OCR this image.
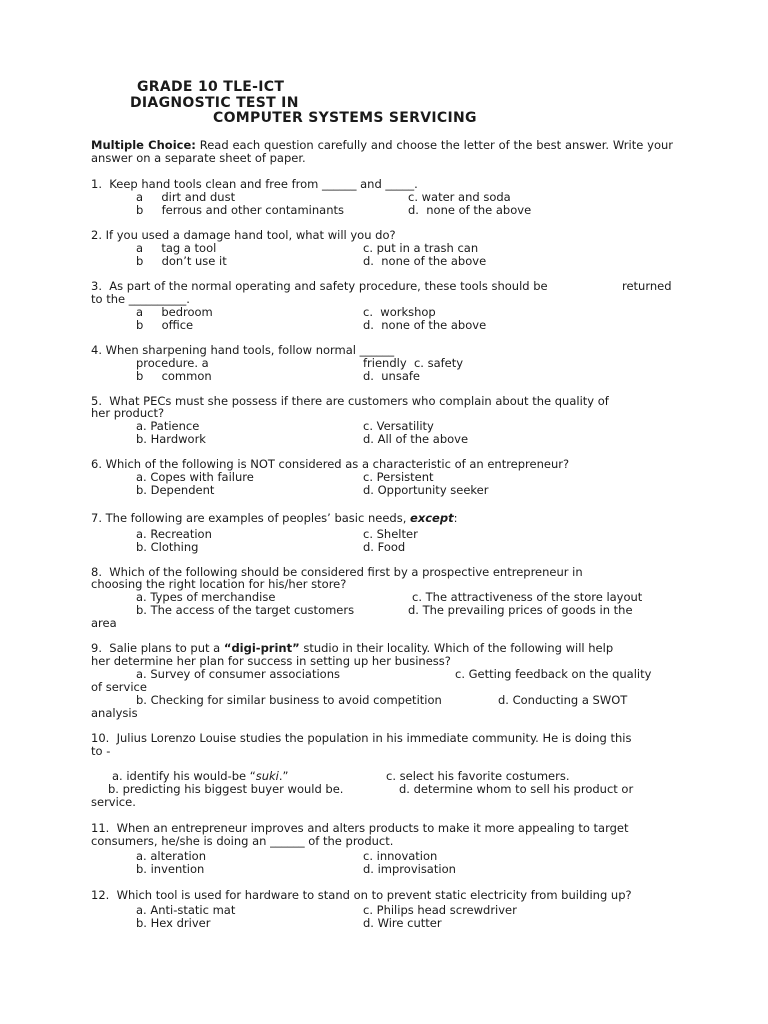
GRADE 10 TLE-ICT
DIAGNOSTIC TEST IN
COMPUTER SYSTEMS SERVICING
Multiple Choice: Read each question carefully and choose the letter of the best answer. Write your answer on a separate sheet of paper.
1.  Keep hand tools clean and free from ______ and _____.
a     dirt and dust	c. water and soda
b     ferrous and other contaminants	d.  none of the above
2. If you used a damage hand tool, what will you do?
a     tag a tool	c. put in a trash can
b     don’t use it	d.  none of the above
3.  As part of the normal operating and safety procedure, these tools should be	returned
to the __________.
a     bedroom	c.  workshop
b     office	d.  none of the above
4. When sharpening hand tools, follow normal ______
procedure. a	friendly  c. safety
b     common	d.  unsafe
5.  What PECs must she possess if there are customers who complain about the quality of
her product?
a. Patience	c. Versatility
b. Hardwork	d. All of the above
6. Which of the following is NOT considered as a characteristic of an entrepreneur?
a. Copes with failure	c. Persistent
b. Dependent	d. Opportunity seeker
7. The following are examples of peoples’ basic needs, except:
a. Recreation	c. Shelter
b. Clothing	d. Food
8.  Which of the following should be considered first by a prospective entrepreneur in
choosing the right location for his/her store?
a. Types of merchandise	c. The attractiveness of the store layout
b. The access of the target customers	d. The prevailing prices of goods in the
area
9.  Salie plans to put a “digi-print” studio in their locality. Which of the following will help
her determine her plan for success in setting up her business?
a. Survey of consumer associations	c. Getting feedback on the quality
of service
b. Checking for similar business to avoid competition	d. Conducting a SWOT
analysis
10.  Julius Lorenzo Louise studies the population in his immediate community. He is doing this
to -
a. identify his would-be “suki.”	c. select his favorite costumers.
b. predicting his biggest buyer would be.	d. determine whom to sell his product or
service.
11.  When an entrepreneur improves and alters products to make it more appealing to target
consumers, he/she is doing an ______ of the product.
a. alteration	c. innovation
b. invention	d. improvisation
12.  Which tool is used for hardware to stand on to prevent static electricity from building up?
a. Anti-static mat	c. Philips head screwdriver
b. Hex driver	d. Wire cutter
